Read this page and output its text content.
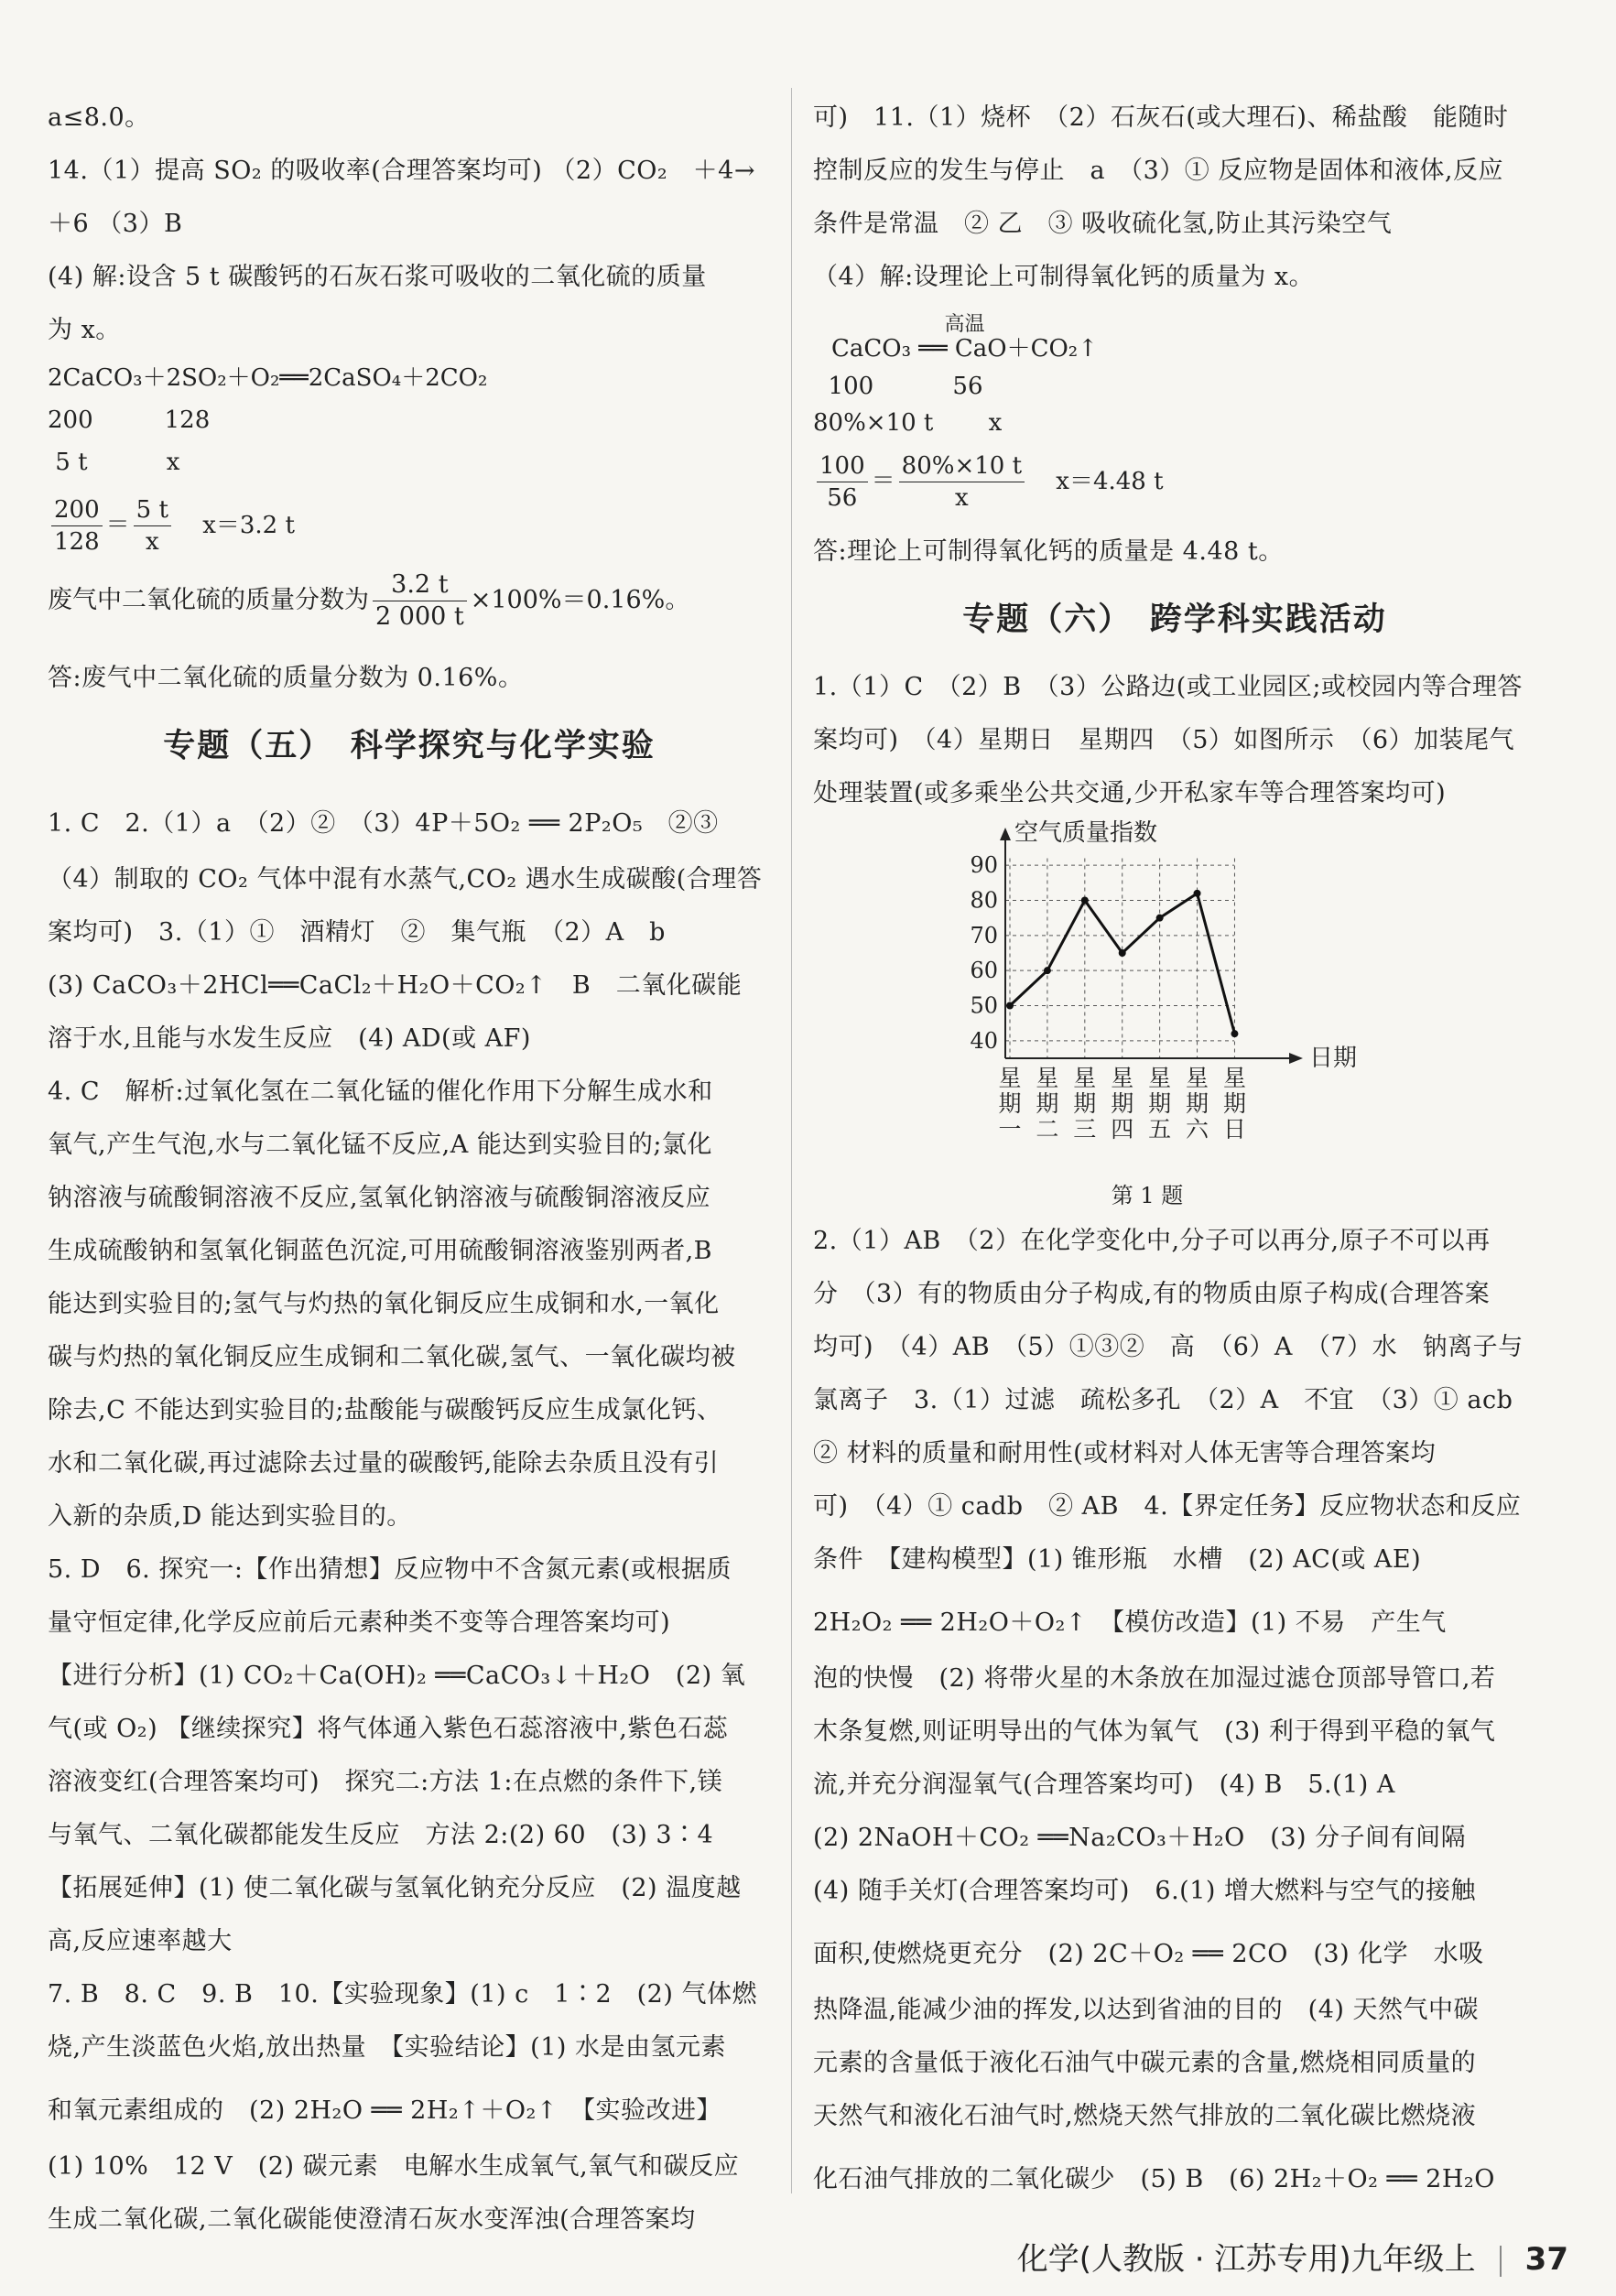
a≤8.0。
14.（1）提高 SO₂ 的吸收率(合理答案均可) （2）CO₂　＋4→
＋6 （3）B
(4) 解:设含 5 t 碳酸钙的石灰石浆可吸收的二氧化硫的质量
为 x。
2CaCO₃＋2SO₂＋O₂══2CaSO₄＋2CO₂
200　　　128
5 t　　　 x
$\frac{200}{128} = \frac{5 t}{x} x=3.2$ t
废气中二氧化硫的质量分数为 $\frac{3.2 t}{2 000 t} \times 100\%=0.16\%$。
答:废气中二氧化硫的质量分数为 0.16%。
专题（五）　科学探究与化学实验
1. C　2.（1）a　（2）②　（3）4P＋5O₂ ══ 2P₂O₅　②③
（4）制取的 CO₂ 气体中混有水蒸气,CO₂ 遇水生成碳酸(合理答
案均可)　3.（1）①　酒精灯　②　集气瓶　（2）A　b
(3) CaCO₃＋2HCl══CaCl₂＋H₂O＋CO₂↑　B　二氧化碳能
溶于水,且能与水发生反应　(4) AD(或 AF)
4. C　解析:过氧化氢在二氧化锰的催化作用下分解生成水和
氧气,产生气泡,水与二氧化锰不反应,A 能达到实验目的;氯化
钠溶液与硫酸铜溶液不反应,氢氧化钠溶液与硫酸铜溶液反应
生成硫酸钠和氢氧化铜蓝色沉淀,可用硫酸铜溶液鉴别两者,B
能达到实验目的;氢气与灼热的氧化铜反应生成铜和水,一氧化
碳与灼热的氧化铜反应生成铜和二氧化碳,氢气、一氧化碳均被
除去,C 不能达到实验目的;盐酸能与碳酸钙反应生成氯化钙、
水和二氧化碳,再过滤除去过量的碳酸钙,能除去杂质且没有引
入新的杂质,D 能达到实验目的。
5. D　6. 探究一:【作出猜想】反应物中不含氮元素(或根据质
量守恒定律,化学反应前后元素种类不变等合理答案均可)
【进行分析】(1) CO₂＋Ca(OH)₂ ══CaCO₃↓＋H₂O　(2) 氧
气(或 O₂) 【继续探究】将气体通入紫色石蕊溶液中,紫色石蕊
溶液变红(合理答案均可)　探究二:方法 1:在点燃的条件下,镁
与氧气、二氧化碳都能发生反应　方法 2:(2) 60　(3) 3∶4
【拓展延伸】(1) 使二氧化碳与氢氧化钠充分反应　(2) 温度越
高,反应速率越大
7. B　8. C　9. B　10.【实验现象】(1) c　1∶2　(2) 气体燃
烧,产生淡蓝色火焰,放出热量　【实验结论】(1) 水是由氢元素
和氧元素组成的　(2) 2H₂O ══ 2H₂↑＋O₂↑　【实验改进】
(1) 10%　12 V　(2) 碳元素　电解水生成氧气,氧气和碳反应
生成二氧化碳,二氧化碳能使澄清石灰水变浑浊(合理答案均
可)　11.（1）烧杯　（2）石灰石(或大理石)、稀盐酸　能随时
控制反应的发生与停止　a　（3）① 反应物是固体和液体,反应
条件是常温　② 乙　③ 吸收硫化氢,防止其污染空气
（4）解:设理论上可制得氧化钙的质量为 x。
高温
CaCO₃ ══ CaO＋CO₂↑
100　　　 56
80%×10 t　　 x
$\frac{100}{56} = \frac{80\%\times 10 t}{x} x=4.48$ t
答:理论上可制得氧化钙的质量是 4.48 t。
专题（六）　跨学科实践活动
1.（1）C　（2）B　（3）公路边(或工业园区;或校园内等合理答
案均可)　（4）星期日　星期四　（5）如图所示　（6）加装尾气
处理装置(或多乘坐公共交通,少开私家车等合理答案均可)
40
50
60
70
80
90
空气质量指数
日期
星
期
一
星
期
二
星
期
三
星
期
四
星
期
五
星
期
六
星
期
日
第 1 题
2.（1）AB　（2）在化学变化中,分子可以再分,原子不可以再
分　（3）有的物质由分子构成,有的物质由原子构成(合理答案
均可)　（4）AB　（5）①③②　高　（6）A　（7）水　钠离子与
氯离子　3.（1）过滤　疏松多孔　（2）A　不宜　（3）① acb
② 材料的质量和耐用性(或材料对人体无害等合理答案均
可)　（4）① cadb　② AB　4.【界定任务】反应物状态和反应
条件　【建构模型】(1) 锥形瓶　水槽　(2) AC(或 AE)
2H₂O₂ ══ 2H₂O＋O₂↑　【模仿改造】(1) 不易　产生气
泡的快慢　(2) 将带火星的木条放在加湿过滤仓顶部导管口,若
木条复燃,则证明导出的气体为氧气　(3) 利于得到平稳的氧气
流,并充分润湿氧气(合理答案均可)　(4) B　5.(1) A
(2) 2NaOH＋CO₂ ══Na₂CO₃＋H₂O　(3) 分子间有间隔
(4) 随手关灯(合理答案均可)　6.(1) 增大燃料与空气的接触
面积,使燃烧更充分　(2) 2C＋O₂ ══ 2CO　(3) 化学　水吸
热降温,能减少油的挥发,以达到省油的目的　(4) 天然气中碳
元素的含量低于液化石油气中碳元素的含量,燃烧相同质量的
天然气和液化石油气时,燃烧天然气排放的二氧化碳比燃烧液
化石油气排放的二氧化碳少　(5) B　(6) 2H₂＋O₂ ══ 2H₂O
化学(人教版 · 江苏专用)九年级上 37
